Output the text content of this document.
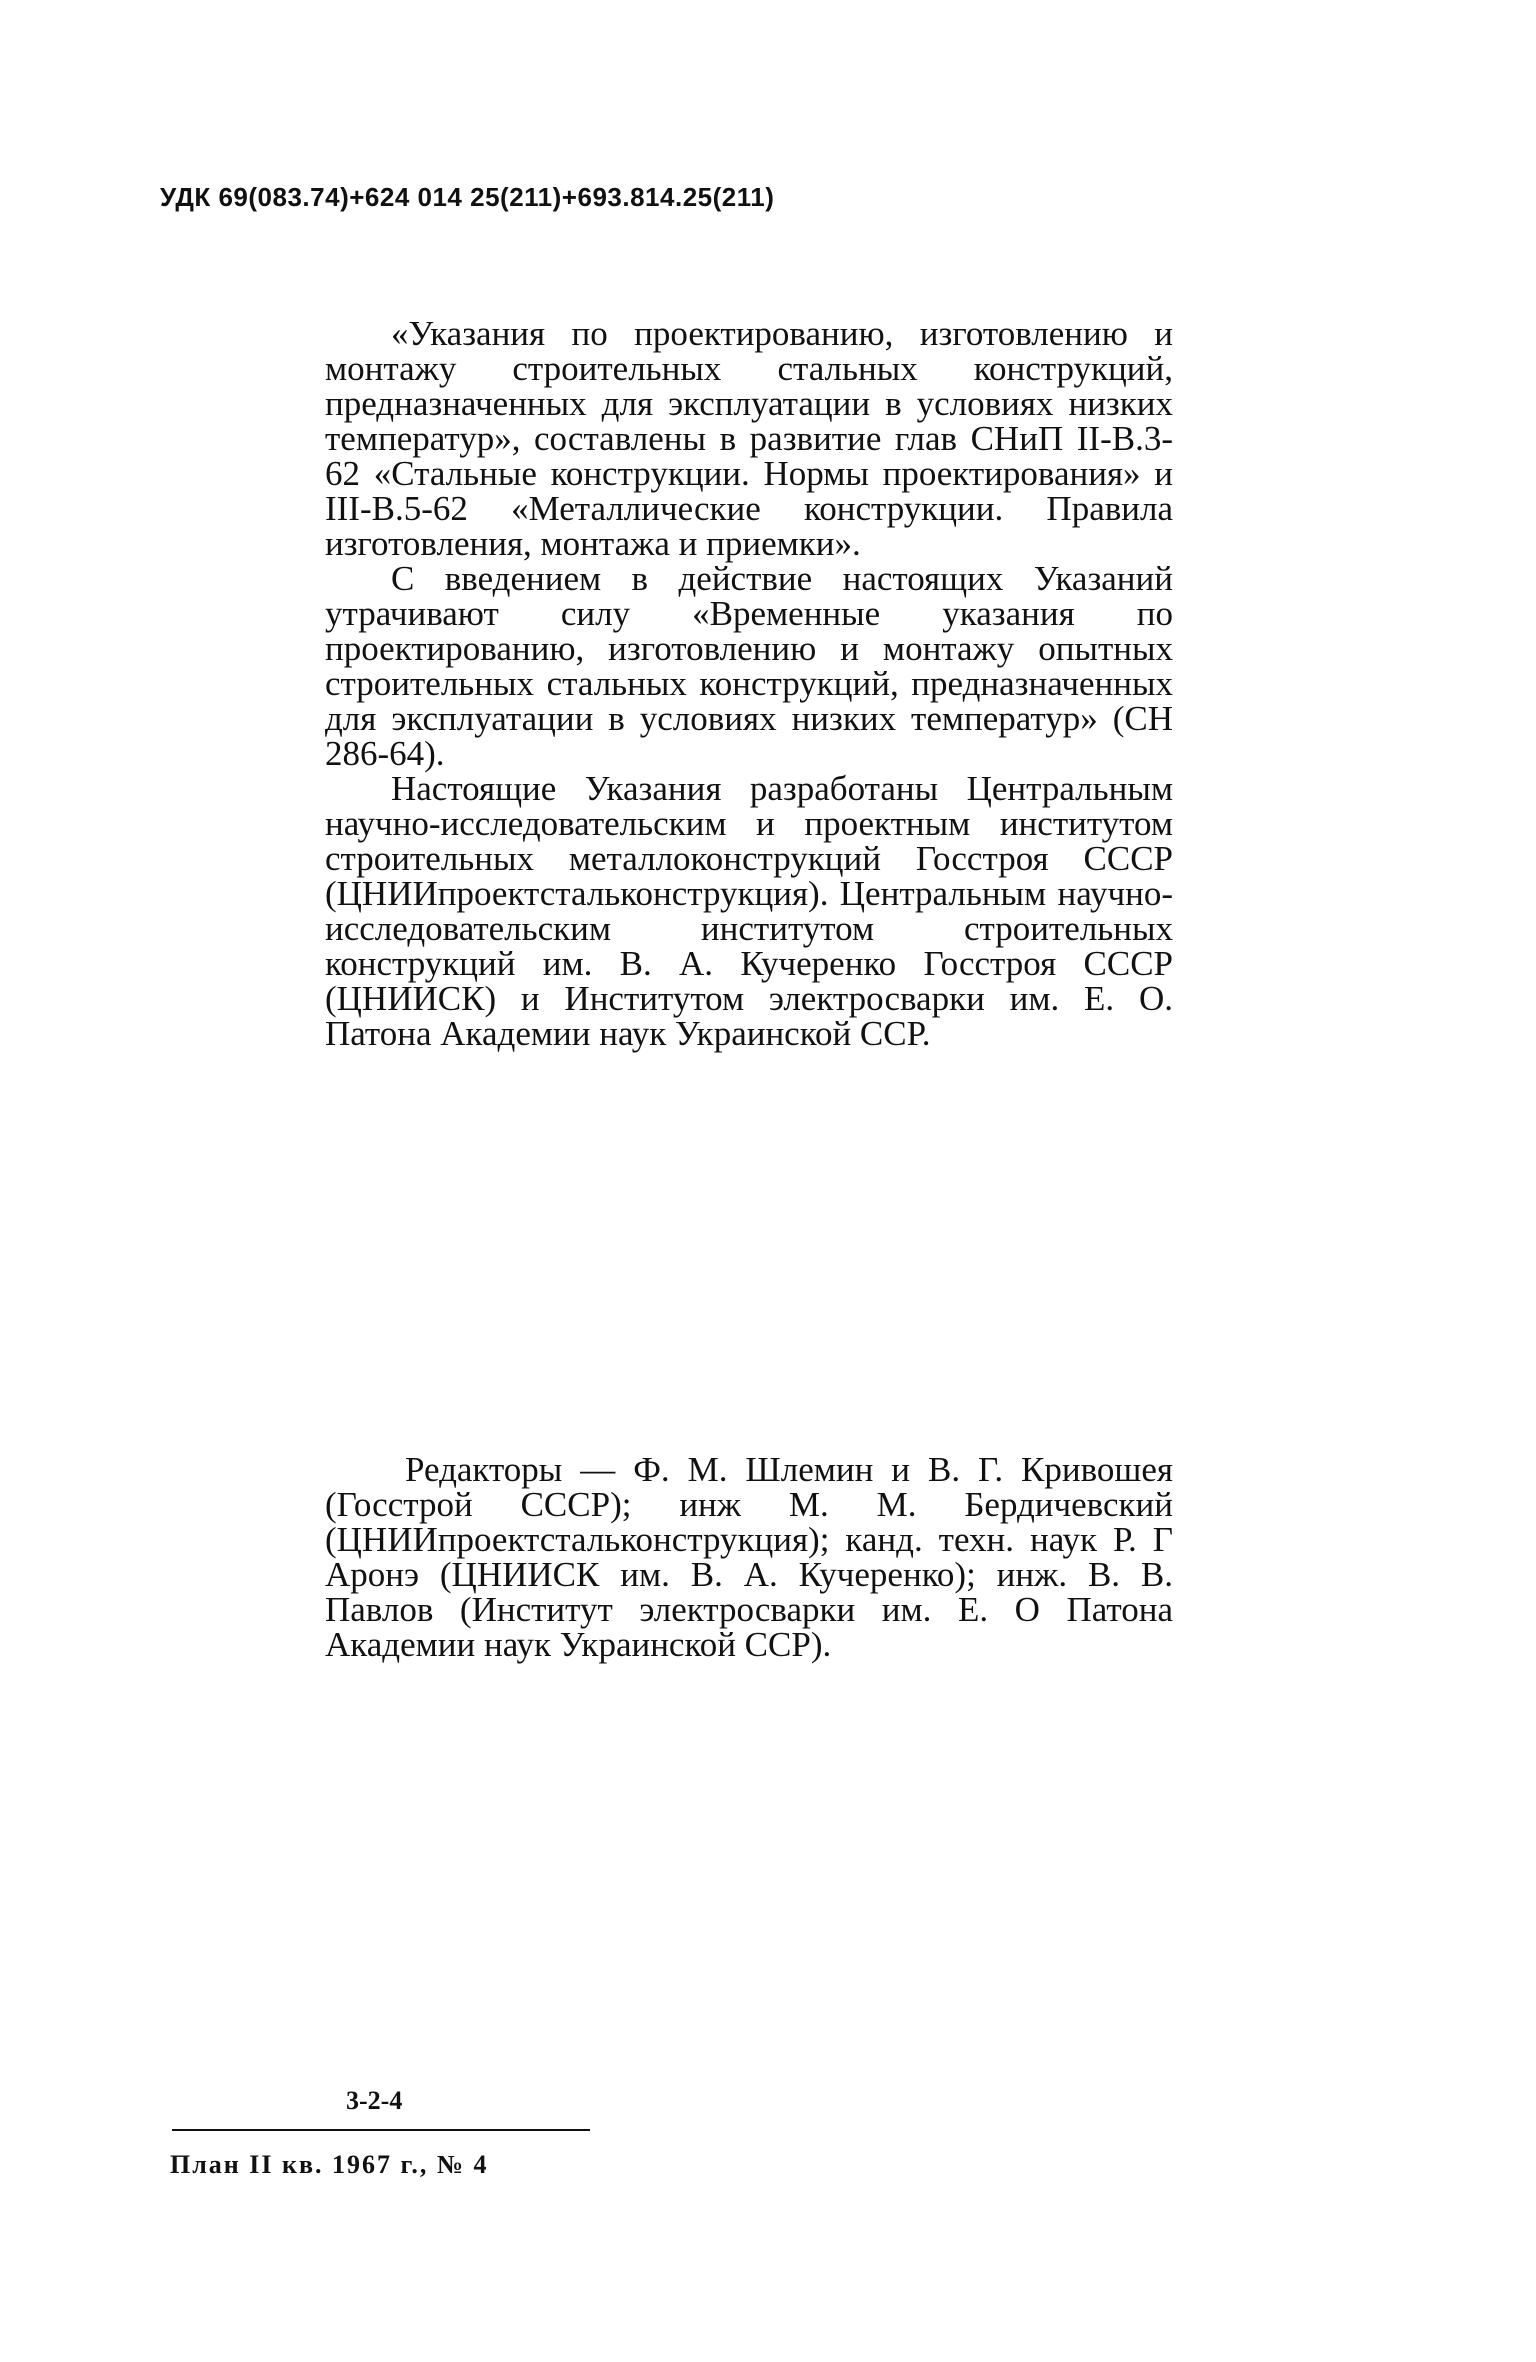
УДК 69(083.74)+624 014 25(211)+693.814.25(211)

«Указания по проектированию, изготовлению и монтажу строительных стальных конструкций, предназначенных для эксплуатации в условиях низких температур», составлены в развитие глав СНиП II-В.3-62 «Стальные конструкции. Нормы проектирования» и III-В.5-62 «Металлические конструкции. Правила изготовления, монтажа и приемки».

С введением в действие настоящих Указаний утрачивают силу «Временные указания по проектированию, изготовлению и монтажу опытных строительных стальных конструкций, предназначенных для эксплуатации в условиях низких температур» (СН 286-64).

Настоящие Указания разработаны Центральным научно-исследовательским и проектным институтом строительных металлоконструкций Госстроя СССР (ЦНИИпроектстальконструкция). Центральным научно-исследовательским институтом строительных конструкций им. В. А. Кучеренко Госстроя СССР (ЦНИИСК) и Институтом электросварки им. Е. О. Патона Академии наук Украинской ССР.

Редакторы — Ф. М. Шлемин и В. Г. Кривошея (Госстрой СССР); инж М. М. Бердичевский (ЦНИИпроектстальконструкция); канд. техн. наук Р. Г Аронэ (ЦНИИСК им. В. А. Кучеренко); инж. В. В. Павлов (Институт электросварки им. Е. О Патона Академии наук Украинской ССР).

3-2-4
План II кв. 1967 г., № 4
